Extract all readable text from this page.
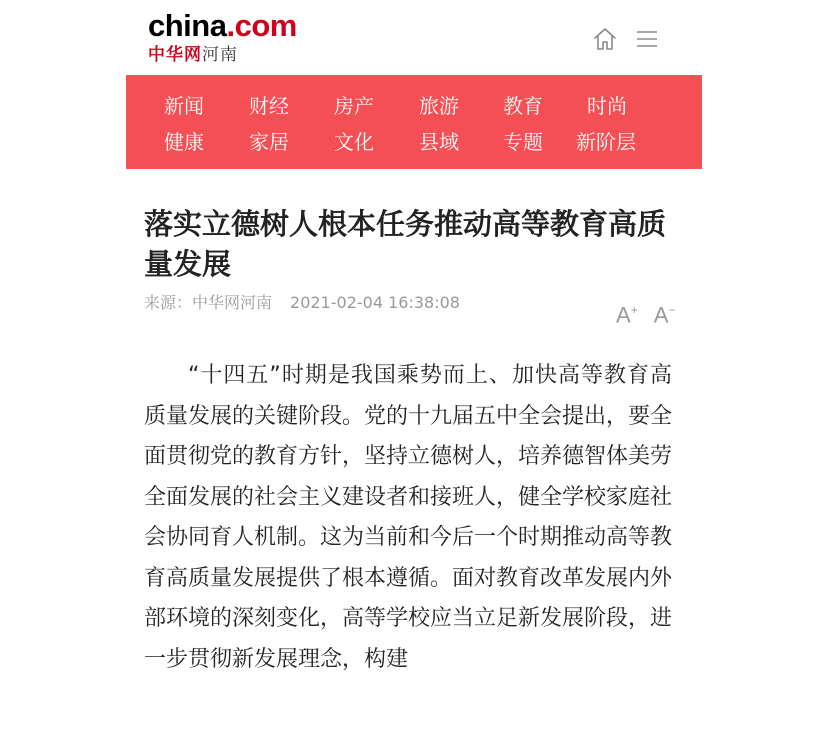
china.com
中华网河南
新闻 财经 房产 旅游 教育 时尚
健康 家居 文化 县域 专题 新阶层
落实立德树人根本任务推动高等教育高质量发展
来源：中华网河南 2021-02-04 16:38:08	A+ A−

“十四五”时期是我国乘势而上、加快高等教育高质量发展的关键阶段。党的十九届五中全会提出，要全面贯彻党的教育方针，坚持立德树人，培养德智体美劳全面发展的社会主义建设者和接班人，健全学校家庭社会协同育人机制。这为当前和今后一个时期推动高等教育高质量发展提供了根本遵循。面对教育改革发展内外部环境的深刻变化，高等学校应当立足新发展阶段，进一步贯彻新发展理念，构建
